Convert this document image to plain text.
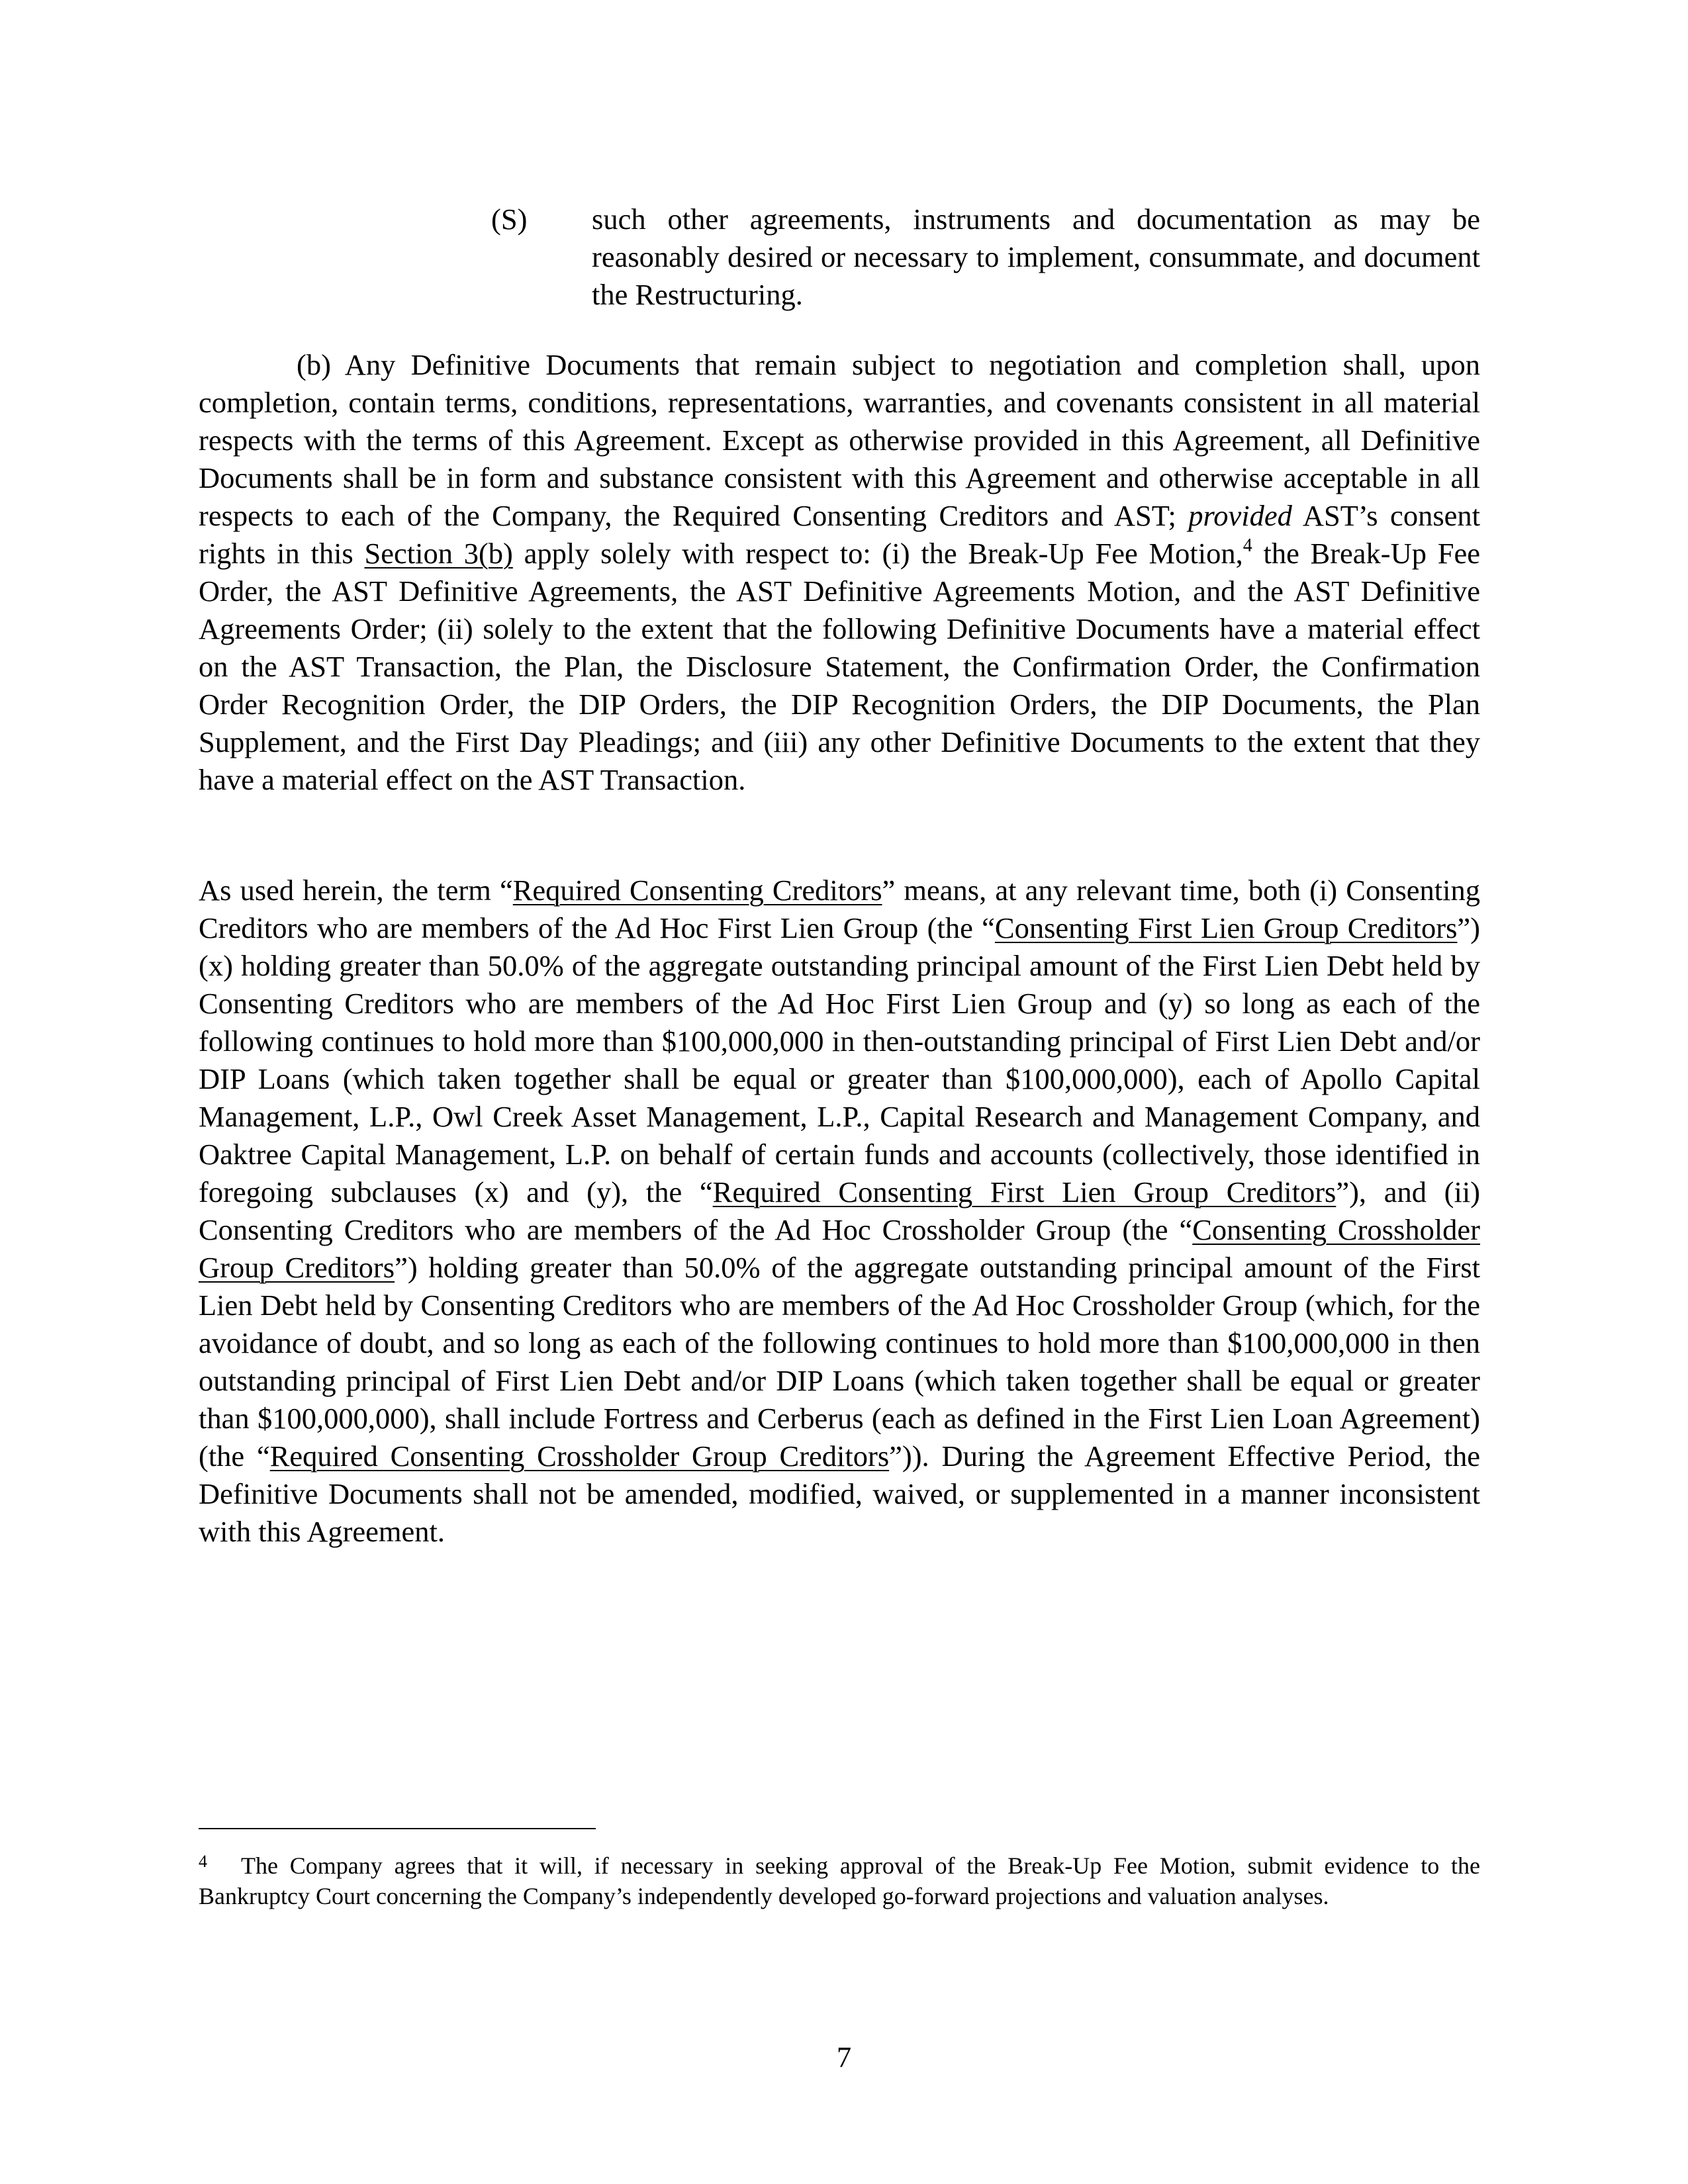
(S) such other agreements, instruments and documentation as may be reasonably desired or necessary to implement, consummate, and document the Restructuring.

(b) Any Definitive Documents that remain subject to negotiation and completion shall, upon completion, contain terms, conditions, representations, warranties, and covenants consistent in all material respects with the terms of this Agreement. Except as otherwise provided in this Agreement, all Definitive Documents shall be in form and substance consistent with this Agreement and otherwise acceptable in all respects to each of the Company, the Required Consenting Creditors and AST; provided AST’s consent rights in this Section 3(b) apply solely with respect to: (i) the Break-Up Fee Motion,$^4$ the Break-Up Fee Order, the AST Definitive Agreements, the AST Definitive Agreements Motion, and the AST Definitive Agreements Order; (ii) solely to the extent that the following Definitive Documents have a material effect on the AST Transaction, the Plan, the Disclosure Statement, the Confirmation Order, the Confirmation Order Recognition Order, the DIP Orders, the DIP Recognition Orders, the DIP Documents, the Plan Supplement, and the First Day Pleadings; and (iii) any other Definitive Documents to the extent that they have a material effect on the AST Transaction.

As used herein, the term “Required Consenting Creditors” means, at any relevant time, both (i) Consenting Creditors who are members of the Ad Hoc First Lien Group (the “Consenting First Lien Group Creditors”) (x) holding greater than 50.0% of the aggregate outstanding principal amount of the First Lien Debt held by Consenting Creditors who are members of the Ad Hoc First Lien Group and (y) so long as each of the following continues to hold more than $100,000,000 in then-outstanding principal of First Lien Debt and/or DIP Loans (which taken together shall be equal or greater than $100,000,000), each of Apollo Capital Management, L.P., Owl Creek Asset Management, L.P., Capital Research and Management Company, and Oaktree Capital Management, L.P. on behalf of certain funds and accounts (collectively, those identified in foregoing subclauses (x) and (y), the “Required Consenting First Lien Group Creditors”), and (ii) Consenting Creditors who are members of the Ad Hoc Crossholder Group (the “Consenting Crossholder Group Creditors”) holding greater than 50.0% of the aggregate outstanding principal amount of the First Lien Debt held by Consenting Creditors who are members of the Ad Hoc Crossholder Group (which, for the avoidance of doubt, and so long as each of the following continues to hold more than $100,000,000 in then outstanding principal of First Lien Debt and/or DIP Loans (which taken together shall be equal or greater than $100,000,000), shall include Fortress and Cerberus (each as defined in the First Lien Loan Agreement) (the “Required Consenting Crossholder Group Creditors”)). During the Agreement Effective Period, the Definitive Documents shall not be amended, modified, waived, or supplemented in a manner inconsistent with this Agreement.

4	The Company agrees that it will, if necessary in seeking approval of the Break-Up Fee Motion, submit evidence to the Bankruptcy Court concerning the Company’s independently developed go-forward projections and valuation analyses.

7
